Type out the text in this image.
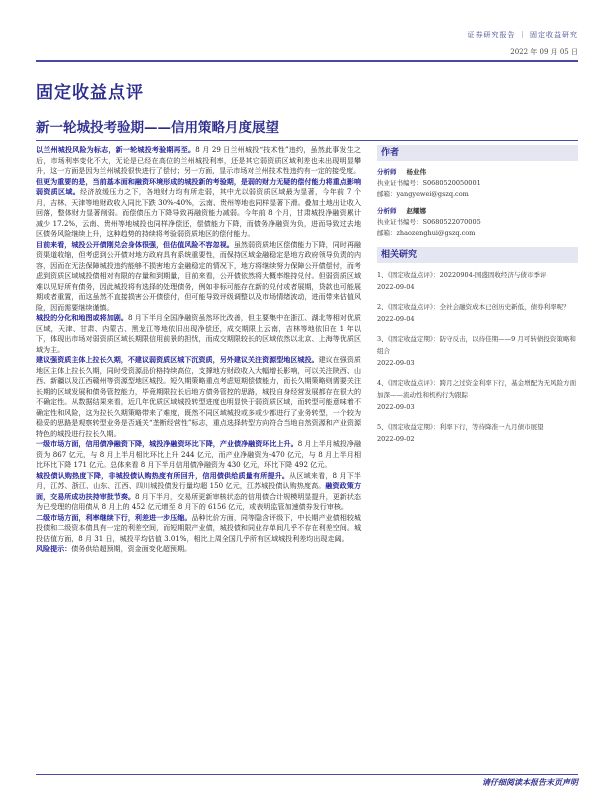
证券研究报告 ｜ 固定收益研究
2022 年 09 月 05 日
固定收益点评
新一轮城投考验期——信用策略月度展望

以兰州城投风险为标志，新一轮城投考验期再至。8 月 29 日兰州城投“技术性”违约，虽然此事发生之后，市场利率变化不大，无论是已经在高位的兰州城投利率，还是其它弱资质区域利差也未出现明显攀升，这一方面是因为兰州城投很快进行了偿付；另一方面，显示市场对兰州技术性违约有一定的接受度。

但更为重要的是，当前基本面和融资环境形成的城投新的考验期，是弱的财力无疑的偿付能力将重点影响弱资质区域。经济放缓压力之下，各地财力均有所走弱，其中尤以弱资质区域最为显著，今年前 7 个月，吉林、天津等地财政收入同比下跌 30%-40%，云南、贵州等地也同样显著下滑。叠加土地出让收入回落，整体财力显著削弱。而偿债压力下降导致再融资能力减弱。今年前 8 个月，甘肃城投净融资累计减少 17.2%，云南、贵州等地城投也同样净偿还，偿债能力下降，而债务净融资为负，进而导致过去地区债务风险继续上升，这种趋势的持续将考验弱资质地区的偿付能力。

目前来看，城投公开债刚兑会身体很强，但估值风险不容忽视。虽然弱资质地区偿债能力下降，同时再融资渠道收缩，但考虑到公开债对地方政府具有系统重要性，而保持区域金融稳定是地方政府领导负责的内容，因而在无法保障城投违约能够不损害地方金融稳定的情况下，地方将继续努力保障公开债偿付，而考虑到资质区域城投债相对有限的存量和到期量，目前来看，公开债依然将大概率维持兑付。但弱资质区域难以见好所有债务，因此城投将有选择的处理债务，例如非标可能存在新的兑付或者展期，贷款也可能展期或者重置，而这虽然不直接损害公开债偿付，但可能导致评级调整以及市场情绪波动，进而带来估值风险，因而需要继续谨慎。

城投的分化和地图或将加剧。8 月下半月全国净融资虽然环比改善，但主要集中在浙江、湖北等相对优质区域，天津、甘肃、内蒙古、黑龙江等地依旧出现净偿还，成交期限上云南，吉林等地依旧在 1 年以下，体现出市场对弱资质区域长期限信用前景的担忧，而成交期限较长的区域依然以北京、上海等优质区域为主。

建议强资质主体上拉长久期，不建议弱资质区城下沉资质，另外建议关注资源型地区城投。建议在强资质地区主体上拉长久期，同时受资源品价格持续高位，支撑地方财政收入大幅增长影响，可以关注陕西、山西、新疆以及江西赣州等资源型地区城投。短久期策略重点考虑短期偿债能力，而长久期策略则需要关注长期的区域发展和债务管控能力，毕竟期限拉长后地方债务管控的思路，城投自身经营发展都存在很大的不确定性。从数据结果来看，近几年优质区域城投转型进度也明显快于弱资质区域，而转型可能意味着不确定性和风险，这为拉长久期策略带来了难度，既然不同区域城投或多或少都进行了业务转型，一个较为稳妥的思路是观察转型业务是否通关“垄断经营性”标志，重点选择转型方向符合当地自然资源和产业资源特色的城投进行拉长久期。

一级市场方面，信用债净融资下降，城投净融资环比下降，产业债净融资环比上升。8 月上半月城投净融资为 867 亿元，与 8 月上半月相比环比上升 244 亿元，而产业净融资为-470 亿元，与 8 月上半月相比环比下降 171 亿元。总体来看 8 月下半月信用债净融资为 430 亿元，环比下降 492 亿元。

城投债认购热度下降，非城投债认购热度有所回升，信用债供给质量有所提升。从区域来看，8 月下半月，江苏、浙江、山东、江西、四川城投债发行量均超 150 亿元，江苏城投债认购热度高。融资政策方面，交易所成功扶持审批节奏。8 月下半月，交易所更新审核状态的信用债合计规模明显提升，更新状态为已受理的信用债从 8 月上的 452 亿元增至 8 月下的 6156 亿元，或表明监管加速债券发行审核。

二级市场方面，利率继续下行，利差进一步压缩。品种比价方面，同等隐含评级下，中长期产业债相较城投债和二级资本债具有一定的利差空间，而短期限产业债，城投债和同业存单间几乎不存在利差空间。城投估值方面，8 月 31 日，城投平均估值 3.01%，相比上周全国几乎所有区域城投利差均出现走阔。

风险提示：债务供给超预期，资金面变化超预期。

作者
分析师 杨业伟
执业证书编号：S0680520050001
邮箱：yangyewei@gszq.com
分析师 赵耀娜
执业证书编号：S0680522070005
邮箱：zhaozenghui@gszq.com
相关研究
1、《固定收益点评》：20220904-国盛固收经济与债市季评
2022-09-04
2、《固定收益点评》：全社会融资成本已创历史新低，债券利率呢？
2022-09-04
3、《固定收益定期》：防守反击，以待佳期——9 月可转债投资策略和组合
2022-09-03
4、《固定收益点评》：跨月之过资金利率下行，基金增配为无风险方面加深——流动性和机构行为跟踪
2022-09-03
5、《固定收益定期》：利率下行，等待降准一九月债市展望
2022-09-02
请仔细阅读本报告末页声明
